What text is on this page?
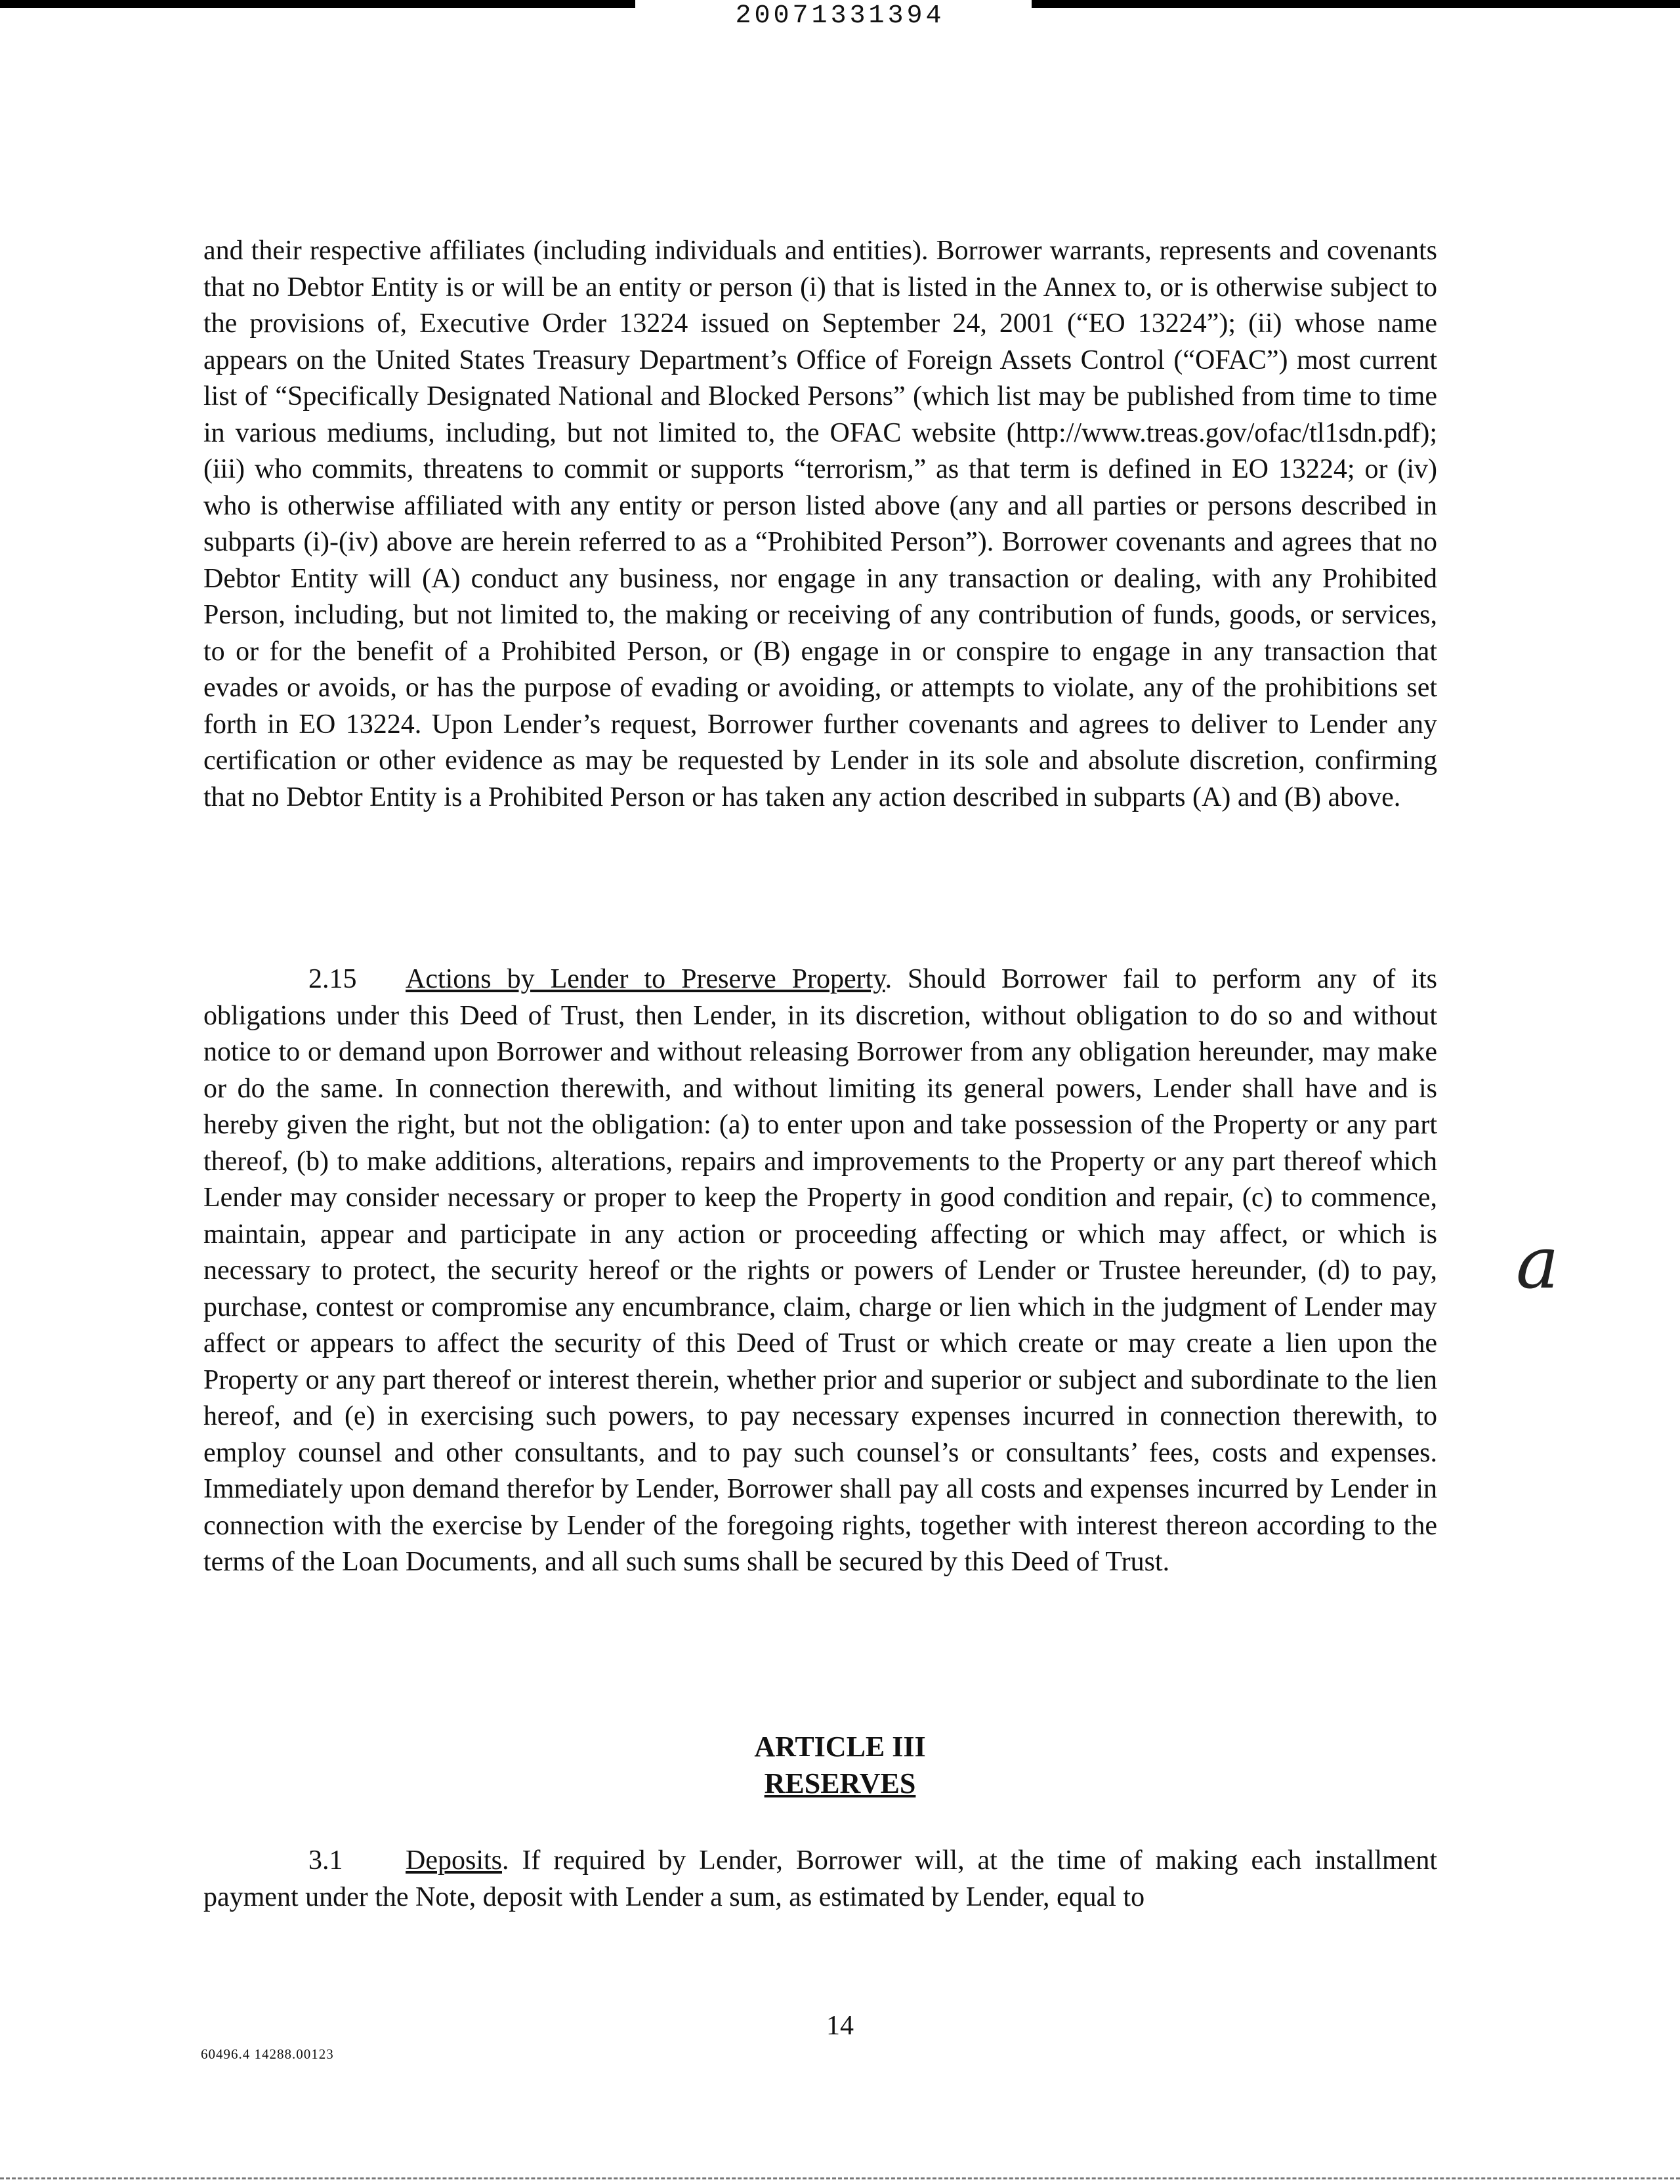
20071331394

and their respective affiliates (including individuals and entities). Borrower warrants, represents and covenants that no Debtor Entity is or will be an entity or person (i) that is listed in the Annex to, or is otherwise subject to the provisions of, Executive Order 13224 issued on September 24, 2001 (“EO 13224”); (ii) whose name appears on the United States Treasury Department’s Office of Foreign Assets Control (“OFAC”) most current list of “Specifically Designated National and Blocked Persons” (which list may be published from time to time in various mediums, including, but not limited to, the OFAC website (http://www.treas.gov/ofac/tl1sdn.pdf); (iii) who commits, threatens to commit or supports “terrorism,” as that term is defined in EO 13224; or (iv) who is otherwise affiliated with any entity or person listed above (any and all parties or persons described in subparts (i)-(iv) above are herein referred to as a “Prohibited Person”). Borrower covenants and agrees that no Debtor Entity will (A) conduct any business, nor engage in any transaction or dealing, with any Prohibited Person, including, but not limited to, the making or receiving of any contribution of funds, goods, or services, to or for the benefit of a Prohibited Person, or (B) engage in or conspire to engage in any transaction that evades or avoids, or has the purpose of evading or avoiding, or attempts to violate, any of the prohibitions set forth in EO 13224. Upon Lender’s request, Borrower further covenants and agrees to deliver to Lender any certification or other evidence as may be requested by Lender in its sole and absolute discretion, confirming that no Debtor Entity is a Prohibited Person or has taken any action described in subparts (A) and (B) above.

2.15 Actions by Lender to Preserve Property. Should Borrower fail to perform any of its obligations under this Deed of Trust, then Lender, in its discretion, without obligation to do so and without notice to or demand upon Borrower and without releasing Borrower from any obligation hereunder, may make or do the same. In connection therewith, and without limiting its general powers, Lender shall have and is hereby given the right, but not the obligation: (a) to enter upon and take possession of the Property or any part thereof, (b) to make additions, alterations, repairs and improvements to the Property or any part thereof which Lender may consider necessary or proper to keep the Property in good condition and repair, (c) to commence, maintain, appear and participate in any action or proceeding affecting or which may affect, or which is necessary to protect, the security hereof or the rights or powers of Lender or Trustee hereunder, (d) to pay, purchase, contest or compromise any encumbrance, claim, charge or lien which in the judgment of Lender may affect or appears to affect the security of this Deed of Trust or which create or may create a lien upon the Property or any part thereof or interest therein, whether prior and superior or subject and subordinate to the lien hereof, and (e) in exercising such powers, to pay necessary expenses incurred in connection therewith, to employ counsel and other consultants, and to pay such counsel’s or consultants’ fees, costs and expenses. Immediately upon demand therefor by Lender, Borrower shall pay all costs and expenses incurred by Lender in connection with the exercise by Lender of the foregoing rights, together with interest thereon according to the terms of the Loan Documents, and all such sums shall be secured by this Deed of Trust.

a
ARTICLE III
RESERVES

3.1 Deposits. If required by Lender, Borrower will, at the time of making each installment payment under the Note, deposit with Lender a sum, as estimated by Lender, equal to

14
60496.4 14288.00123
